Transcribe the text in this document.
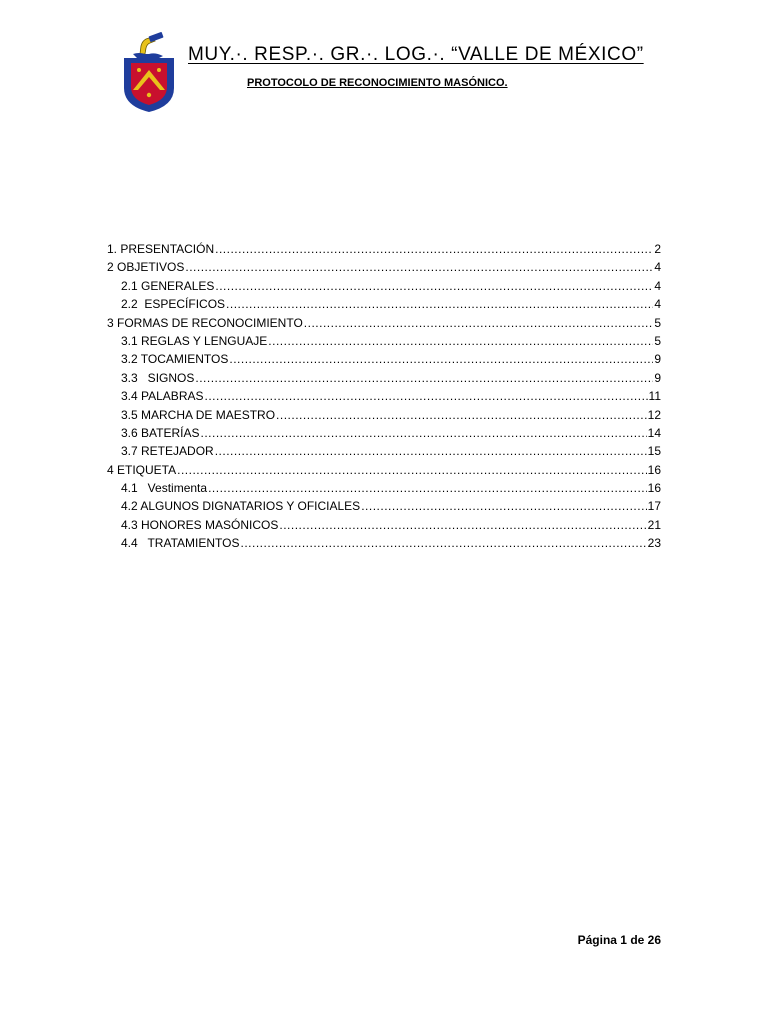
MUY.·. RESP.·. GR.·. LOG.·. “VALLE DE MÉXICO”
PROTOCOLO DE RECONOCIMIENTO MASÓNICO.
1. PRESENTACIÓN .....	2
2 OBJETIVOS .....	4
2.1 GENERALES .....	4
2.2  ESPECÍFICOS .....	4
3 FORMAS DE RECONOCIMIENTO .....	5
3.1 REGLAS Y LENGUAJE .....	5
3.2 TOCAMIENTOS .....	9
3.3   SIGNOS .....	9
3.4 PALABRAS .....	11
3.5 MARCHA DE MAESTRO .....	12
3.6 BATERÍAS .....	14
3.7 RETEJADOR .....	15
4 ETIQUETA .....	16
4.1   Vestimenta .....	16
4.2 ALGUNOS DIGNATARIOS Y OFICIALES .....	17
4.3 HONORES MASÓNICOS .....	21
4.4   TRATAMIENTOS .....	23
Página 1 de 26
